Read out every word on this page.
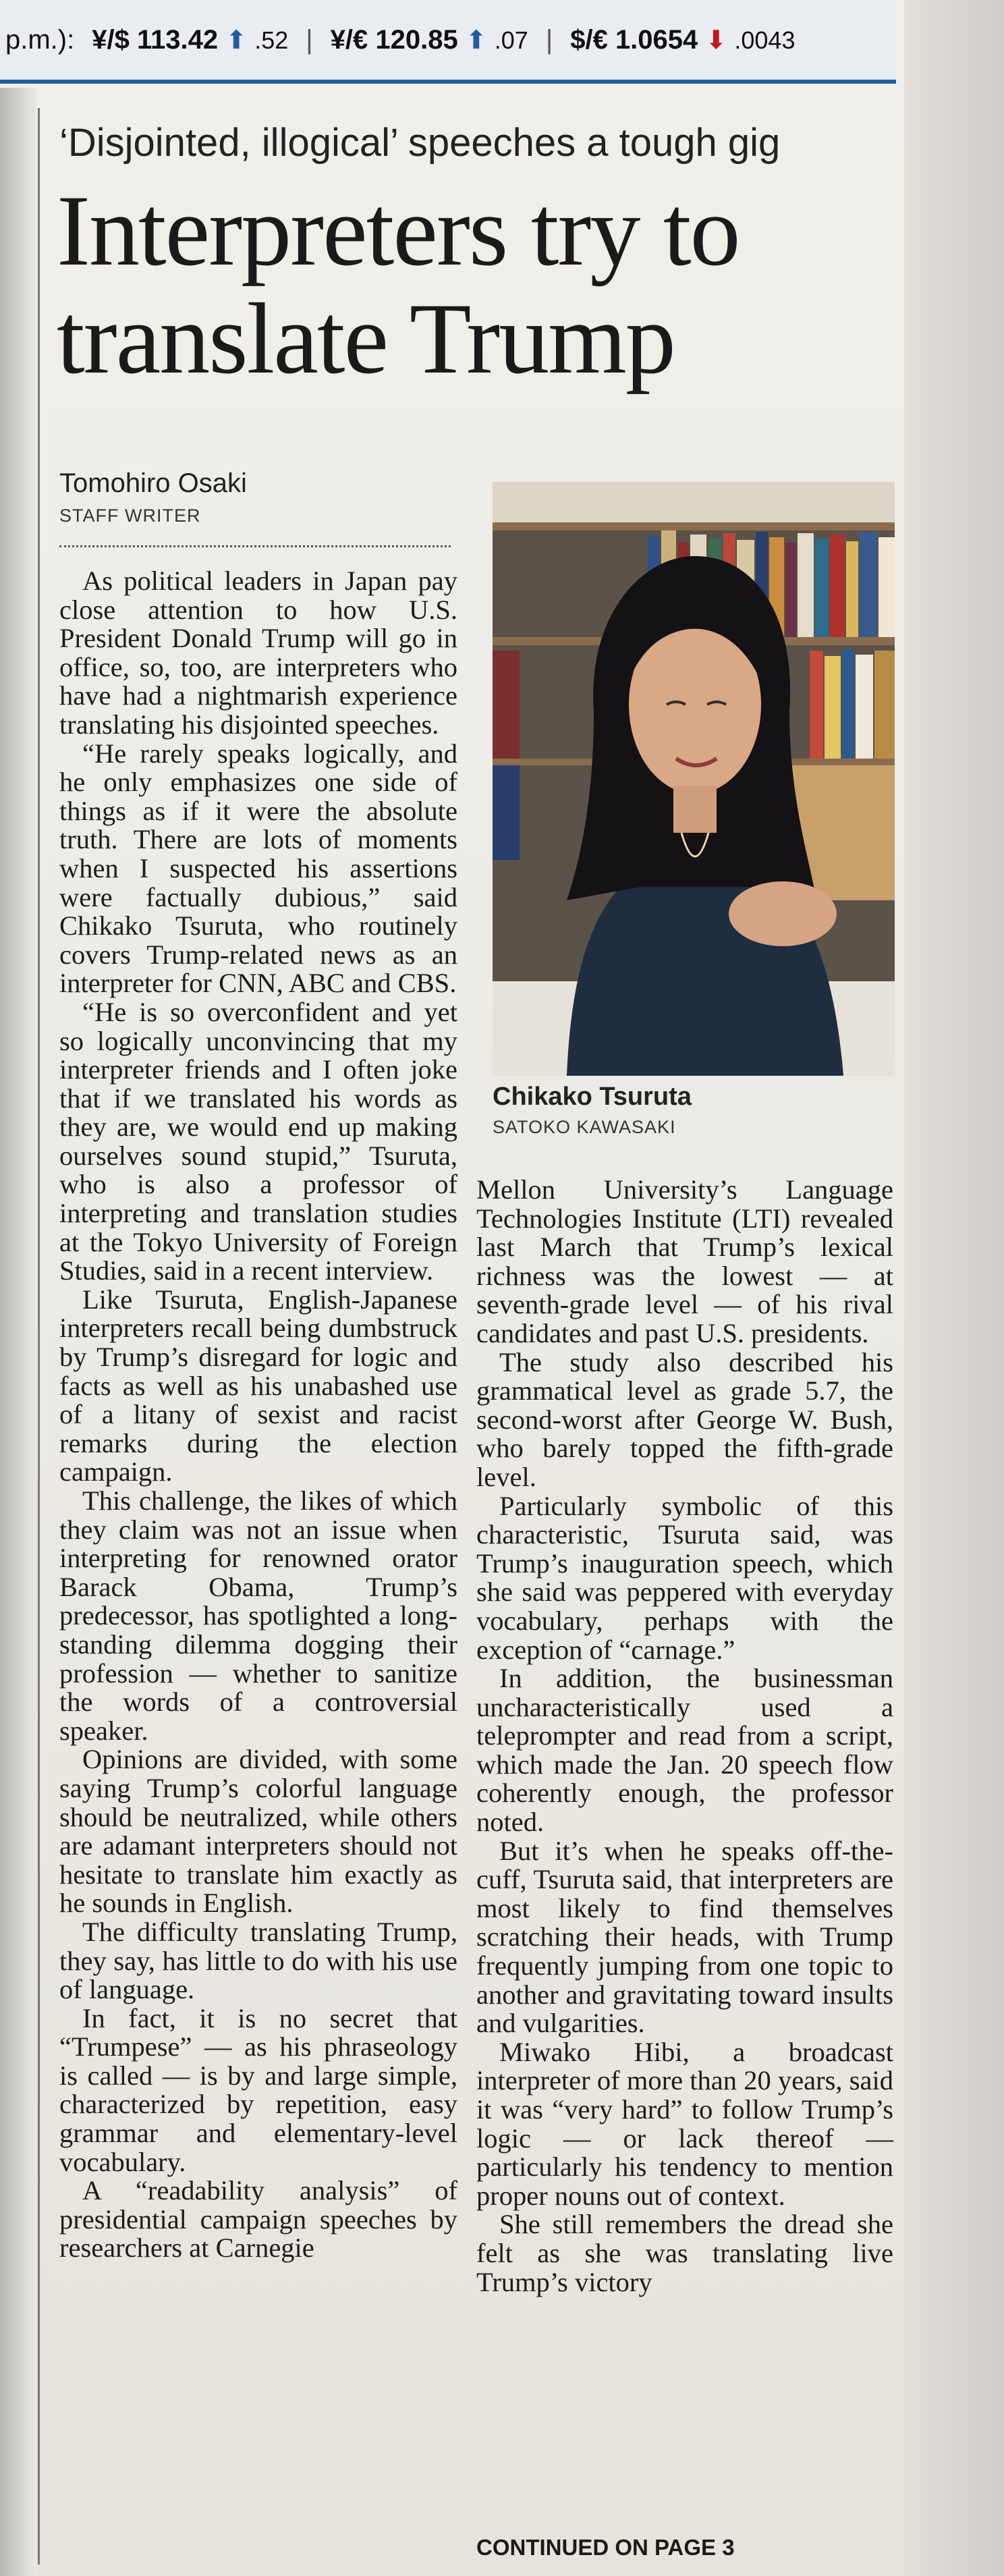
p.m.): ¥/$ 113.42 ⬆ .52 | ¥/€ 120.85 ⬆ .07 | $/€ 1.0654 ⬇ .0043
‘Disjointed, illogical’ speeches a tough gig
Interpreters try to translate Trump
Tomohiro Osaki
STAFF WRITER
Chikako Tsuruta
SATOKO KAWASAKI

As political leaders in Japan pay close attention to how U.S. President Donald Trump will go in office, so, too, are interpreters who have had a nightmarish experience translating his disjointed speeches.

“He rarely speaks logically, and he only emphasizes one side of things as if it were the absolute truth. There are lots of moments when I suspected his assertions were factually dubious,” said Chikako Tsuruta, who routinely covers Trump-related news as an interpreter for CNN, ABC and CBS.

“He is so overconfident and yet so logically unconvincing that my interpreter friends and I often joke that if we translated his words as they are, we would end up making ourselves sound stupid,” Tsuruta, who is also a professor of interpreting and translation studies at the Tokyo University of Foreign Studies, said in a recent interview.

Like Tsuruta, English-Japanese interpreters recall being dumbstruck by Trump’s disregard for logic and facts as well as his unabashed use of a litany of sexist and racist remarks during the election campaign.

This challenge, the likes of which they claim was not an issue when interpreting for renowned orator Barack Obama, Trump’s predecessor, has spotlighted a long-standing dilemma dogging their profession — whether to sanitize the words of a controversial speaker.

Opinions are divided, with some saying Trump’s colorful language should be neutralized, while others are adamant interpreters should not hesitate to translate him exactly as he sounds in English.

The difficulty translating Trump, they say, has little to do with his use of language.

In fact, it is no secret that “Trumpese” — as his phraseology is called — is by and large simple, characterized by repetition, easy grammar and elementary-level vocabulary.

A “readability analysis” of presidential campaign speeches by researchers at Carnegie

Mellon University’s Language Technologies Institute (LTI) revealed last March that Trump’s lexical richness was the lowest — at seventh-grade level — of his rival candidates and past U.S. presidents.

The study also described his grammatical level as grade 5.7, the second-worst after George W. Bush, who barely topped the fifth-grade level.

Particularly symbolic of this characteristic, Tsuruta said, was Trump’s inauguration speech, which she said was peppered with everyday vocabulary, perhaps with the exception of “carnage.”

In addition, the businessman uncharacteristically used a teleprompter and read from a script, which made the Jan. 20 speech flow coherently enough, the professor noted.

But it’s when he speaks off-the-cuff, Tsuruta said, that interpreters are most likely to find themselves scratching their heads, with Trump frequently jumping from one topic to another and gravitating toward insults and vulgarities.

Miwako Hibi, a broadcast interpreter of more than 20 years, said it was “very hard” to follow Trump’s logic — or lack thereof — particularly his tendency to mention proper nouns out of context.

She still remembers the dread she felt as she was translating live Trump’s victory

CONTINUED ON PAGE 3
